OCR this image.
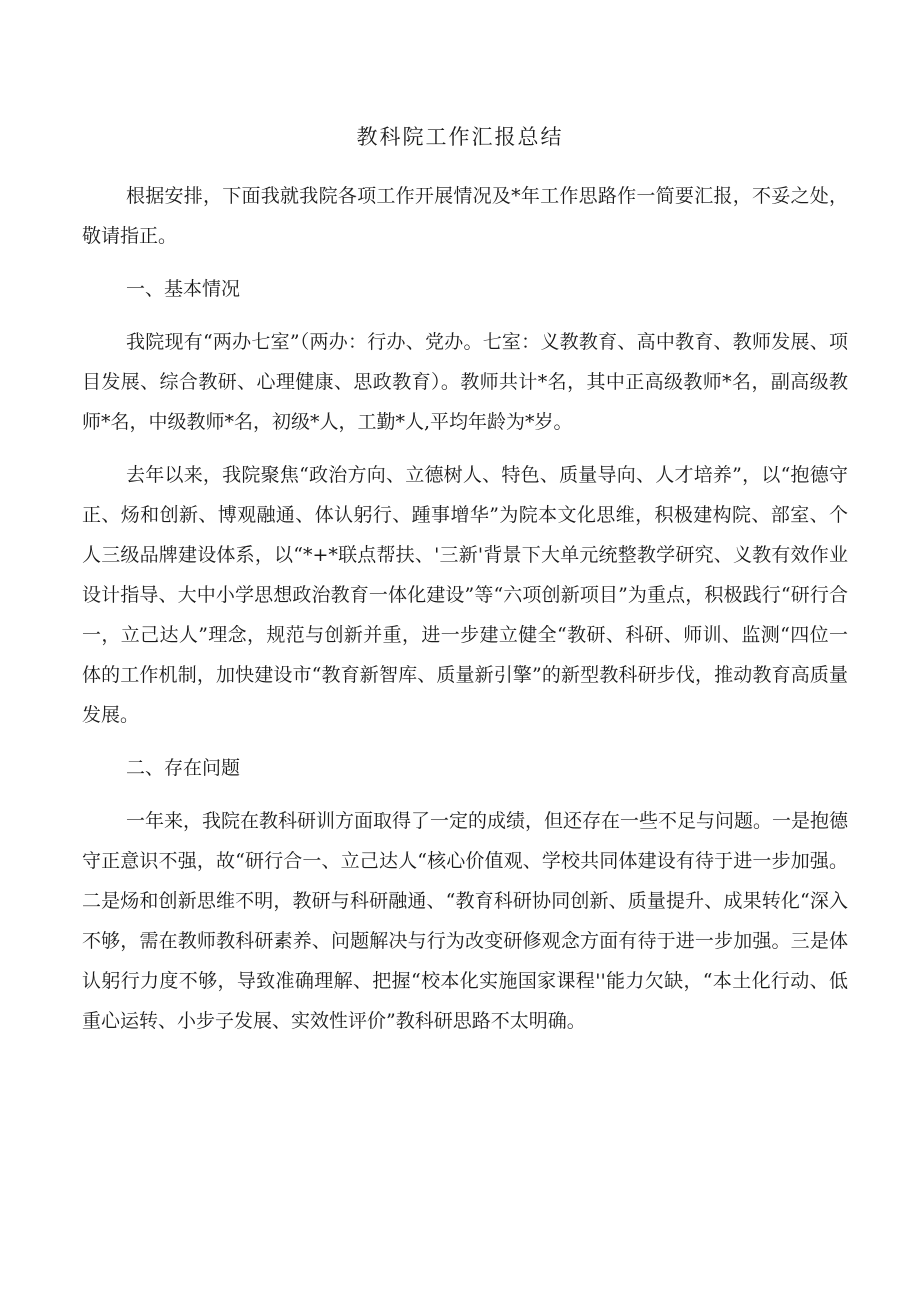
教科院工作汇报总结

根据安排，下面我就我院各项工作开展情况及*年工作思路作一简要汇报，不妥之处，敬请指正。

一、基本情况

我院现有“两办七室”（两办：行办、党办。七室：义教教育、高中教育、教师发展、项目发展、综合教研、心理健康、思政教育）。教师共计*名，其中正高级教师*名，副高级教师*名，中级教师*名，初级*人，工勤*人,平均年龄为*岁。

去年以来，我院聚焦“政治方向、立德树人、特色、质量导向、人才培养”，以“抱德守正、炀和创新、博观融通、体认躬行、踵事增华”为院本文化思维，积极建构院、部室、个人三级品牌建设体系，以“*+*联点帮扶、'三新'背景下大单元统整教学研究、义教有效作业设计指导、大中小学思想政治教育一体化建设”等“六项创新项目”为重点，积极践行“研行合一，立己达人”理念，规范与创新并重，进一步建立健全“教研、科研、师训、监测“四位一体的工作机制，加快建设市“教育新智库、质量新引擎”的新型教科研步伐，推动教育高质量发展。

二、存在问题

一年来，我院在教科研训方面取得了一定的成绩，但还存在一些不足与问题。一是抱德守正意识不强，故“研行合一、立己达人“核心价值观、学校共同体建设有待于进一步加强。二是炀和创新思维不明，教研与科研融通、“教育科研协同创新、质量提升、成果转化“深入不够，需在教师教科研素养、问题解决与行为改变研修观念方面有待于进一步加强。三是体认躬行力度不够，导致准确理解、把握“校本化实施国家课程''能力欠缺，“本土化行动、低重心运转、小步子发展、实效性评价”教科研思路不太明确。
